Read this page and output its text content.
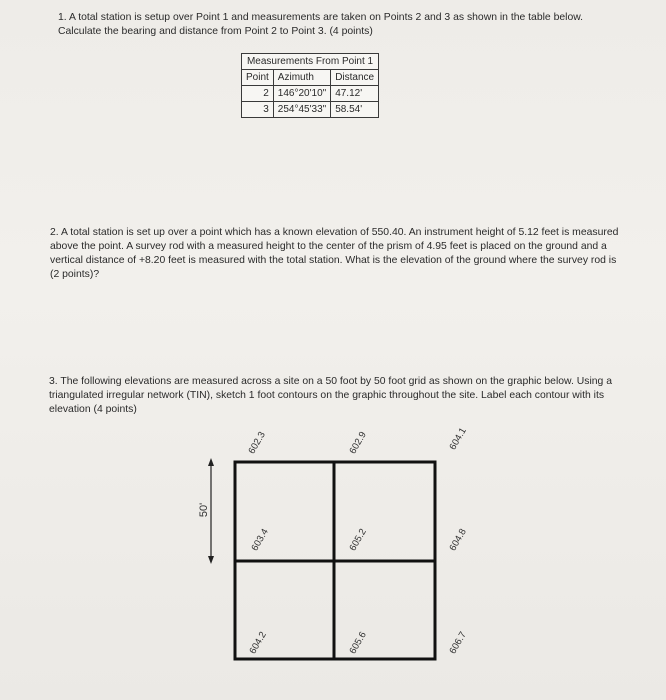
1. A total station is setup over Point 1 and measurements are taken on Points 2 and 3 as shown in the table below. Calculate the bearing and distance from Point 2 to Point 3. (4 points)
Measurements From Point 1		
Point	Azimuth	Distance
2	146°20'10"	47.12'
3	254°45'33"	58.54'
2. A total station is set up over a point which has a known elevation of 550.40. An instrument height of 5.12 feet is measured above the point. A survey rod with a measured height to the center of the prism of 4.95 feet is placed on the ground and a vertical distance of +8.20 feet is measured with the total station. What is the elevation of the ground where the survey rod is (2 points)?
3. The following elevations are measured across a site on a 50 foot by 50 foot grid as shown on the graphic below. Using a triangulated irregular network (TIN), sketch 1 foot contours on the graphic throughout the site. Label each contour with its elevation (4 points)
50'
602.3	602.9	604.1
603.4	605.2	604.8
604.2	605.6	606.7
